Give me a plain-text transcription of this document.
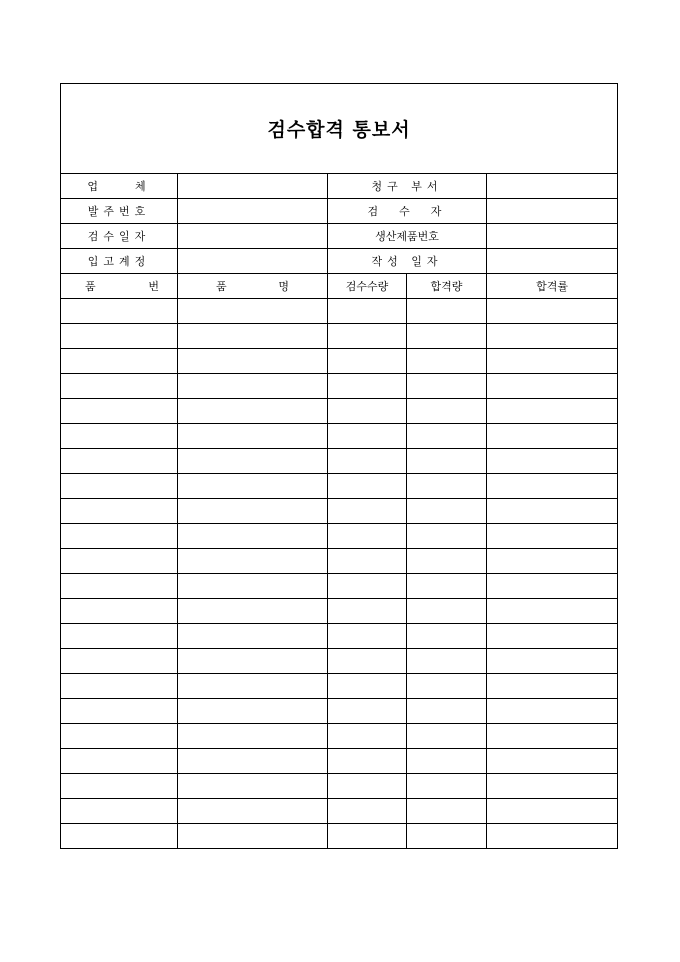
검수합격 통보서				
업　　체		청구 부서		
발주번호		검　수　자		
검수일자		생산제품번호		
입고계정		작성 일자		

품 번	품 명	검수수량	합격량	합격률
